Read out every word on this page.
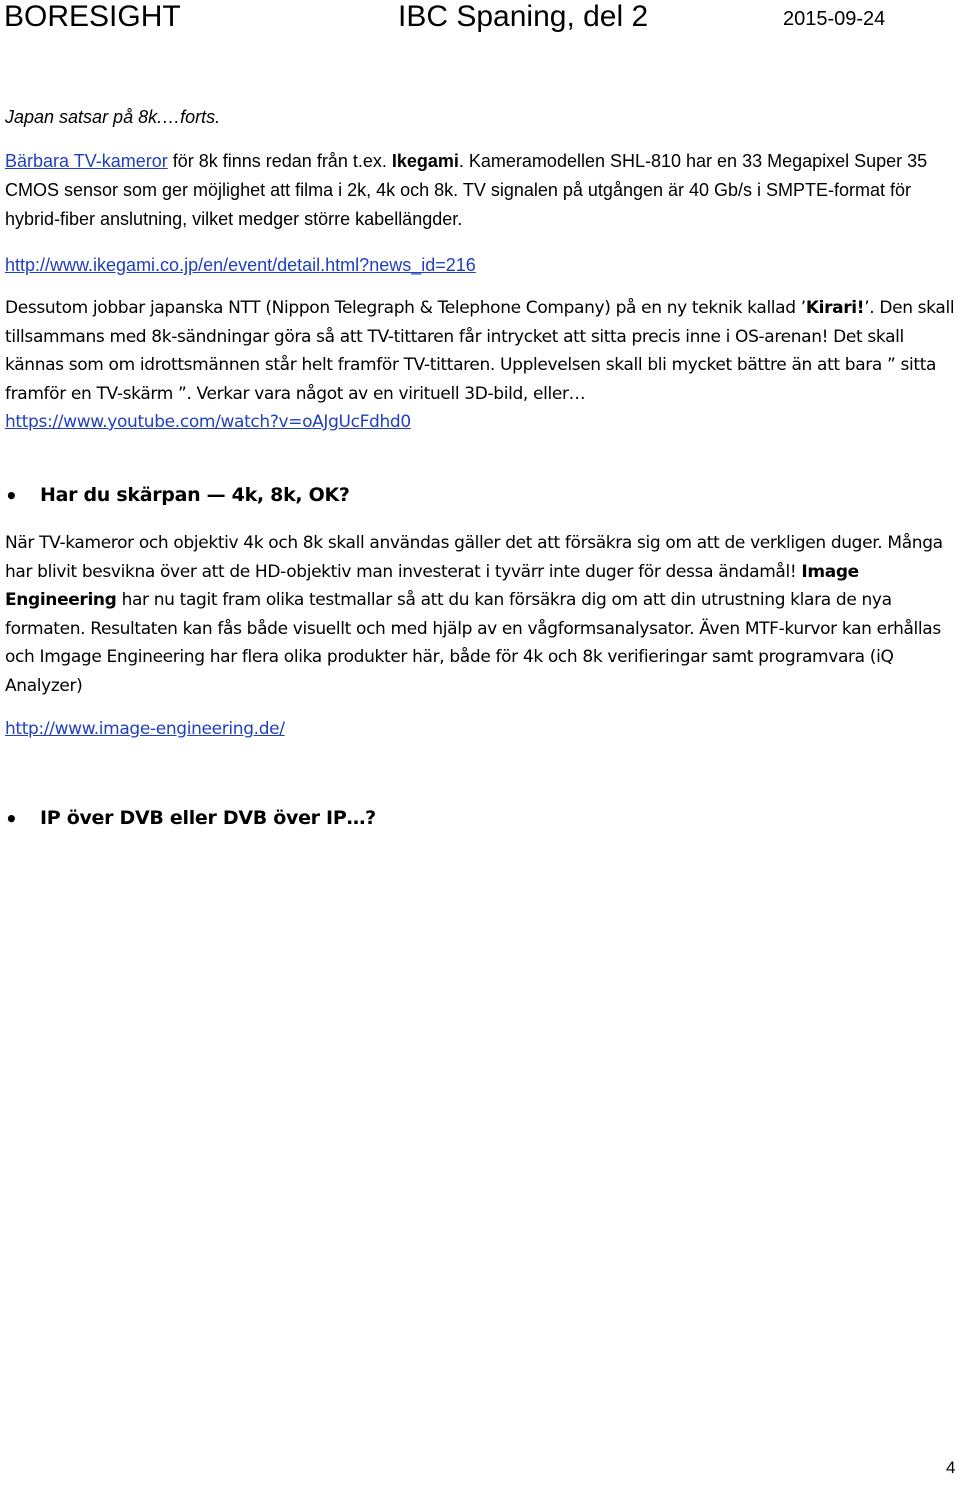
BORESIGHT	IBC Spaning, del 2	2015-09-24
Japan satsar på 8k.…forts.
Bärbara TV-kameror för 8k finns redan från t.ex. Ikegami. Kameramodellen SHL-810 har en 33 Megapixel Super 35 CMOS sensor som ger möjlighet att filma i 2k, 4k och 8k. TV signalen på utgången är 40 Gb/s i SMPTE-format för hybrid-fiber anslutning, vilket medger större kabellängder.
http://www.ikegami.co.jp/en/event/detail.html?news_id=216
Dessutom jobbar japanska NTT (Nippon Telegraph & Telephone Company) på en ny teknik kallad ’Kirari!’. Den skall tillsammans med 8k-sändningar göra så att TV-tittaren får intrycket att sitta precis inne i OS-arenan! Det skall kännas som om idrottsmännen står helt framför TV-tittaren. Upplevelsen skall bli mycket bättre än att bara ” sitta framför en TV-skärm ”. Verkar vara något av en virituell 3D-bild, eller…
https://www.youtube.com/watch?v=oAJgUcFdhd0
• Har du skärpan — 4k, 8k, OK?
När TV-kameror och objektiv 4k och 8k skall användas gäller det att försäkra sig om att de verkligen duger. Många har blivit besvikna över att de HD-objektiv man investerat i tyvärr inte duger för dessa ändamål! Image Engineering har nu tagit fram olika testmallar så att du kan försäkra dig om att din utrustning klara de nya formaten. Resultaten kan fås både visuellt och med hjälp av en vågformsanalysator. Även MTF-kurvor kan erhållas och Imgage Engineering har flera olika produkter här, både för 4k och 8k verifieringar samt programvara (iQ Analyzer)
http://www.image-engineering.de/
• IP över DVB eller DVB över IP…?
4
